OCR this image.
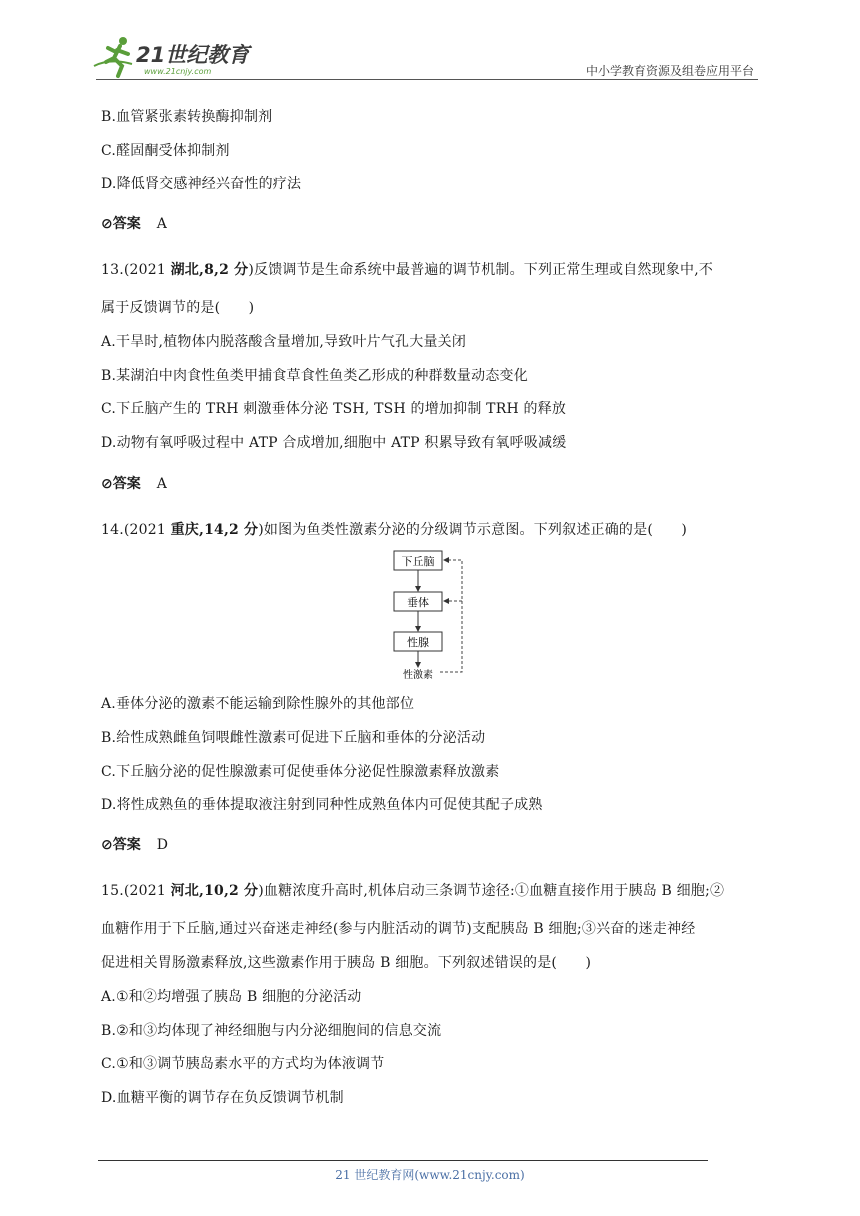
21世纪教育
www.21cnjy.com	中小学教育资源及组卷应用平台
B.血管紧张素转换酶抑制剂
C.醛固酮受体抑制剂
D.降低肾交感神经兴奋性的疗法
⊘答案 A
13.(2021 湖北,8,2 分)反馈调节是生命系统中最普遍的调节机制。下列正常生理或自然现象中,不
属于反馈调节的是(　　)
A.干旱时,植物体内脱落酸含量增加,导致叶片气孔大量关闭
B.某湖泊中肉食性鱼类甲捕食草食性鱼类乙形成的种群数量动态变化
C.下丘脑产生的 TRH 刺激垂体分泌 TSH, TSH 的增加抑制 TRH 的释放
D.动物有氧呼吸过程中 ATP 合成增加,细胞中 ATP 积累导致有氧呼吸减缓
⊘答案 A
14.(2021 重庆,14,2 分)如图为鱼类性激素分泌的分级调节示意图。下列叙述正确的是(　　)
下丘脑
垂体
性腺
性激素
A.垂体分泌的激素不能运输到除性腺外的其他部位
B.给性成熟雌鱼饲喂雌性激素可促进下丘脑和垂体的分泌活动
C.下丘脑分泌的促性腺激素可促使垂体分泌促性腺激素释放激素
D.将性成熟鱼的垂体提取液注射到同种性成熟鱼体内可促使其配子成熟
⊘答案 D
15.(2021 河北,10,2 分)血糖浓度升高时,机体启动三条调节途径:①血糖直接作用于胰岛 B 细胞;②
血糖作用于下丘脑,通过兴奋迷走神经(参与内脏活动的调节)支配胰岛 B 细胞;③兴奋的迷走神经
促进相关胃肠激素释放,这些激素作用于胰岛 B 细胞。下列叙述错误的是(　　)
A.①和②均增强了胰岛 B 细胞的分泌活动
B.②和③均体现了神经细胞与内分泌细胞间的信息交流
C.①和③调节胰岛素水平的方式均为体液调节
D.血糖平衡的调节存在负反馈调节机制
21 世纪教育网(www.21cnjy.com)
